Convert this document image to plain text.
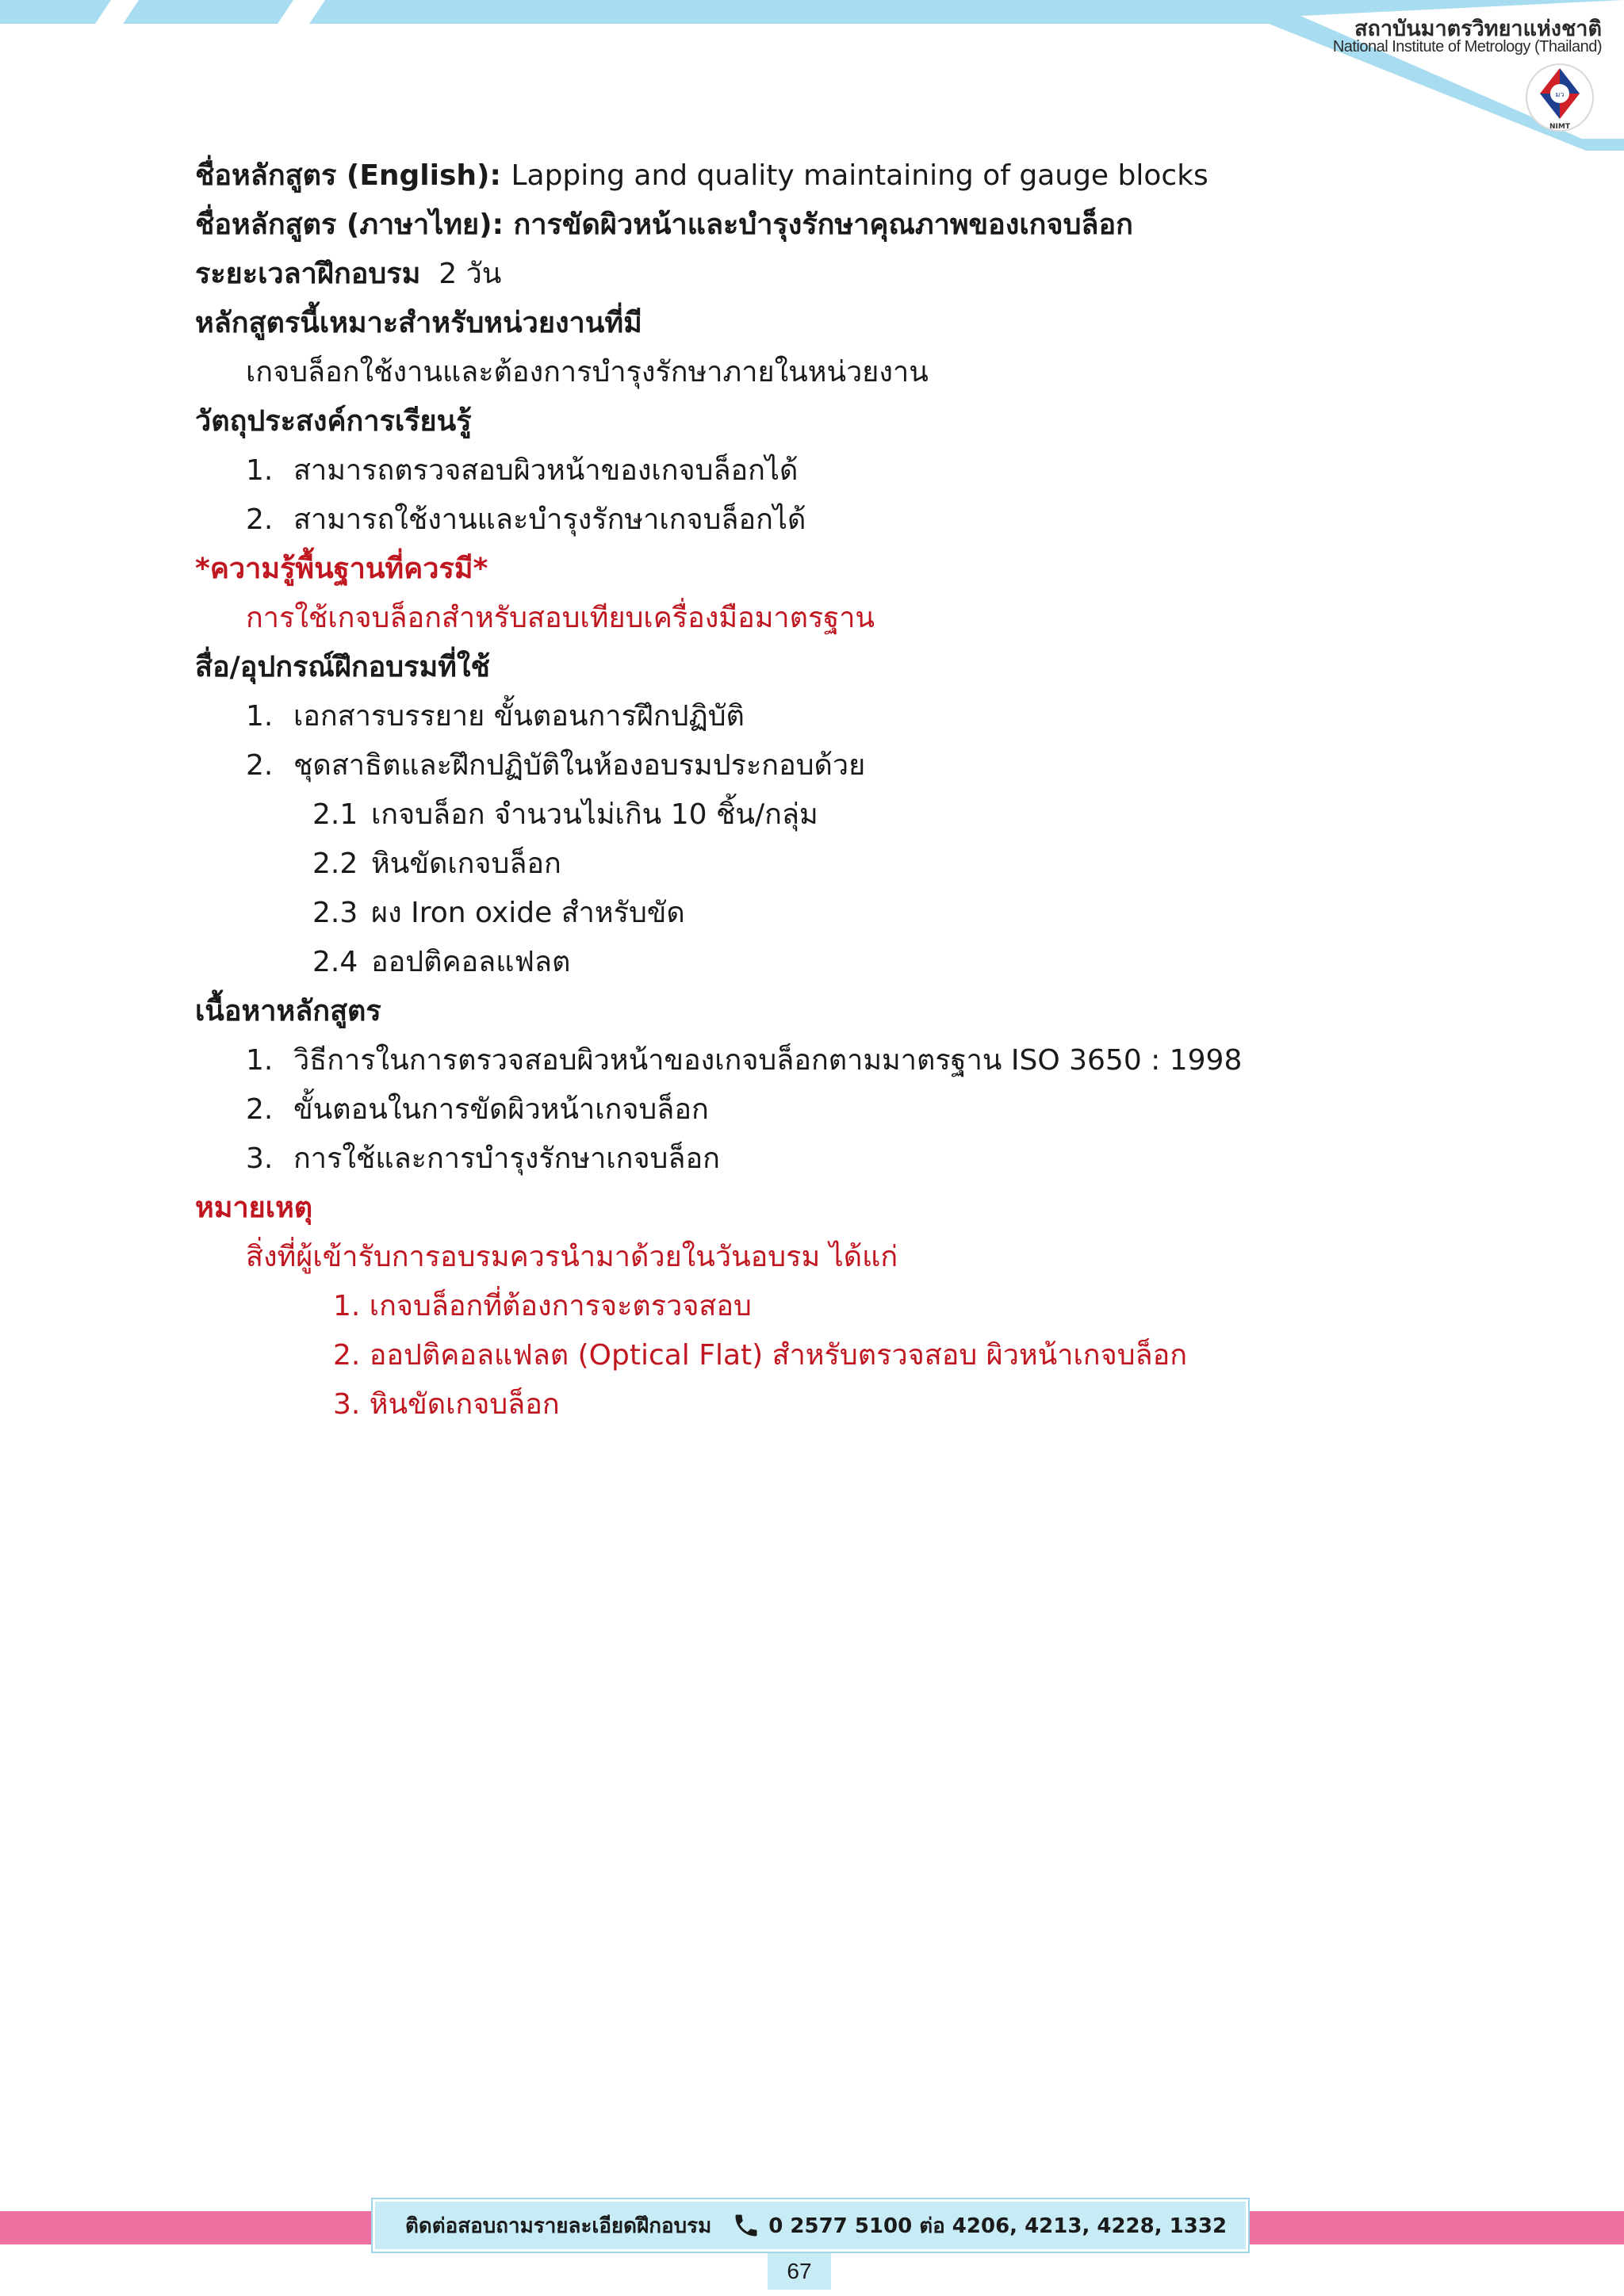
สถาบันมาตรวิทยาแห่งชาติ
National Institute of Metrology (Thailand)
มว
NIMT
ชื่อหลักสูตร (English): Lapping and quality maintaining of gauge blocks
ชื่อหลักสูตร (ภาษาไทย): การขัดผิวหน้าและบำรุงรักษาคุณภาพของเกจบล็อก
ระยะเวลาฝึกอบรม 2 วัน
หลักสูตรนี้เหมาะสำหรับหน่วยงานที่มี
เกจบล็อกใช้งานและต้องการบำรุงรักษาภายในหน่วยงาน
วัตถุประสงค์การเรียนรู้
1. สามารถตรวจสอบผิวหน้าของเกจบล็อกได้
2. สามารถใช้งานและบำรุงรักษาเกจบล็อกได้
*ความรู้พื้นฐานที่ควรมี*
การใช้เกจบล็อกสำหรับสอบเทียบเครื่องมือมาตรฐาน
สื่อ/อุปกรณ์ฝึกอบรมที่ใช้
1. เอกสารบรรยาย ขั้นตอนการฝึกปฏิบัติ
2. ชุดสาธิตและฝึกปฏิบัติในห้องอบรมประกอบด้วย
2.1 เกจบล็อก จำนวนไม่เกิน 10 ชิ้น/กลุ่ม
2.2 หินขัดเกจบล็อก
2.3 ผง Iron oxide สำหรับขัด
2.4 ออปติคอลแฟลต
เนื้อหาหลักสูตร
1. วิธีการในการตรวจสอบผิวหน้าของเกจบล็อกตามมาตรฐาน ISO 3650 : 1998
2. ขั้นตอนในการขัดผิวหน้าเกจบล็อก
3. การใช้และการบำรุงรักษาเกจบล็อก
หมายเหตุ
สิ่งที่ผู้เข้ารับการอบรมควรนำมาด้วยในวันอบรม ได้แก่
1. เกจบล็อกที่ต้องการจะตรวจสอบ
2. ออปติคอลแฟลต (Optical Flat) สำหรับตรวจสอบ ผิวหน้าเกจบล็อก
3. หินขัดเกจบล็อก
ติดต่อสอบถามรายละเอียดฝึกอบรม	0 2577 5100 ต่อ 4206, 4213, 4228, 1332
67
